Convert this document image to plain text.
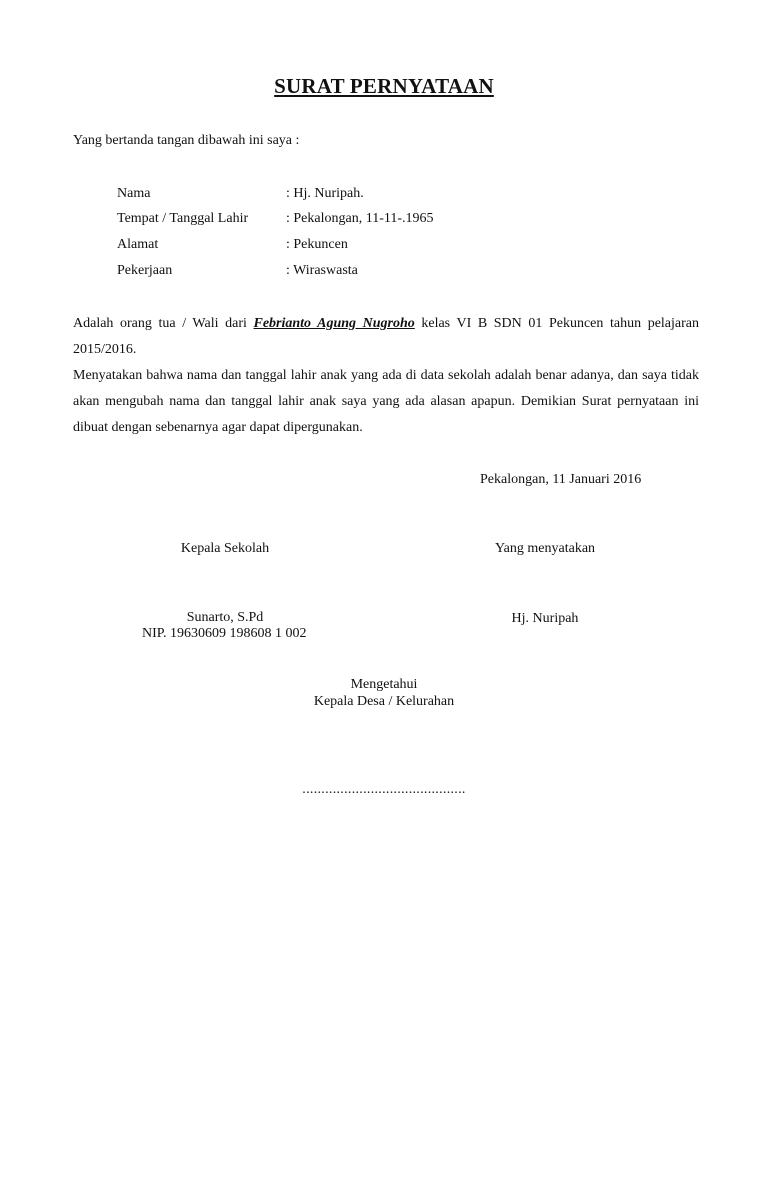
SURAT PERNYATAAN
Yang bertanda tangan dibawah ini saya :
Nama	: Hj. Nuripah.
Tempat / Tanggal Lahir	: Pekalongan, 11-11-.1965
Alamat	: Pekuncen
Pekerjaan	: Wiraswasta
Adalah orang tua / Wali dari Febrianto Agung Nugroho kelas VI B SDN 01 Pekuncen tahun pelajaran 2015/2016.
Menyatakan bahwa nama dan tanggal lahir anak yang ada di data sekolah adalah benar adanya, dan saya tidak akan mengubah nama dan tanggal lahir anak saya yang ada alasan apapun. Demikian Surat pernyataan ini dibuat dengan sebenarnya agar dapat dipergunakan.
Pekalongan, 11 Januari 2016
Kepala Sekolah
Sunarto, S.Pd
NIP. 19630609 198608 1 002
Yang menyatakan
Hj. Nuripah
Mengetahui
Kepala Desa / Kelurahan
...........................................
